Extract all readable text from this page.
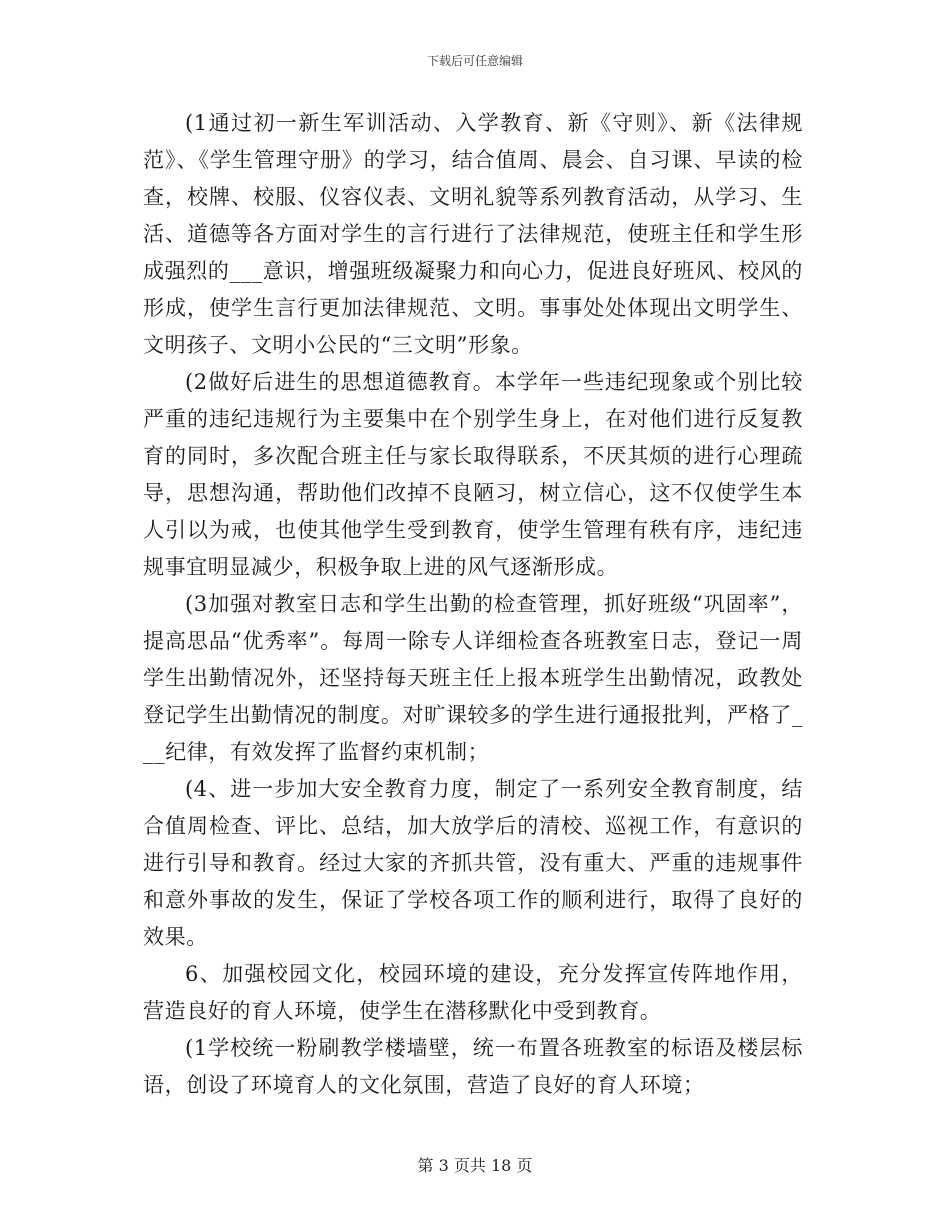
下载后可任意编辑

(1通过初一新生军训活动、入学教育、新《守则》、新《法律规范》、《学生管理守册》的学习，结合值周、晨会、自习课、早读的检查，校牌、校服、仪容仪表、文明礼貌等系列教育活动，从学习、生活、道德等各方面对学生的言行进行了法律规范，使班主任和学生形成强烈的___意识，增强班级凝聚力和向心力，促进良好班风、校风的形成，使学生言行更加法律规范、文明。事事处处体现出文明学生、文明孩子、文明小公民的“三文明”形象。

(2做好后进生的思想道德教育。本学年一些违纪现象或个别比较严重的违纪违规行为主要集中在个别学生身上，在对他们进行反复教育的同时，多次配合班主任与家长取得联系，不厌其烦的进行心理疏导，思想沟通，帮助他们改掉不良陋习，树立信心，这不仅使学生本人引以为戒，也使其他学生受到教育，使学生管理有秩有序，违纪违规事宜明显减少，积极争取上进的风气逐渐形成。

(3加强对教室日志和学生出勤的检查管理，抓好班级“巩固率”，提高思品“优秀率”。每周一除专人详细检查各班教室日志，登记一周学生出勤情况外，还坚持每天班主任上报本班学生出勤情况，政教处登记学生出勤情况的制度。对旷课较多的学生进行通报批判，严格了___纪律，有效发挥了监督约束机制；

(4、进一步加大安全教育力度，制定了一系列安全教育制度，结合值周检查、评比、总结，加大放学后的清校、巡视工作，有意识的进行引导和教育。经过大家的齐抓共管，没有重大、严重的违规事件和意外事故的发生，保证了学校各项工作的顺利进行，取得了良好的效果。

6、加强校园文化，校园环境的建设，充分发挥宣传阵地作用，营造良好的育人环境，使学生在潜移默化中受到教育。

(1学校统一粉刷教学楼墙壁，统一布置各班教室的标语及楼层标语，创设了环境育人的文化氛围，营造了良好的育人环境；

第 3 页共 18 页
